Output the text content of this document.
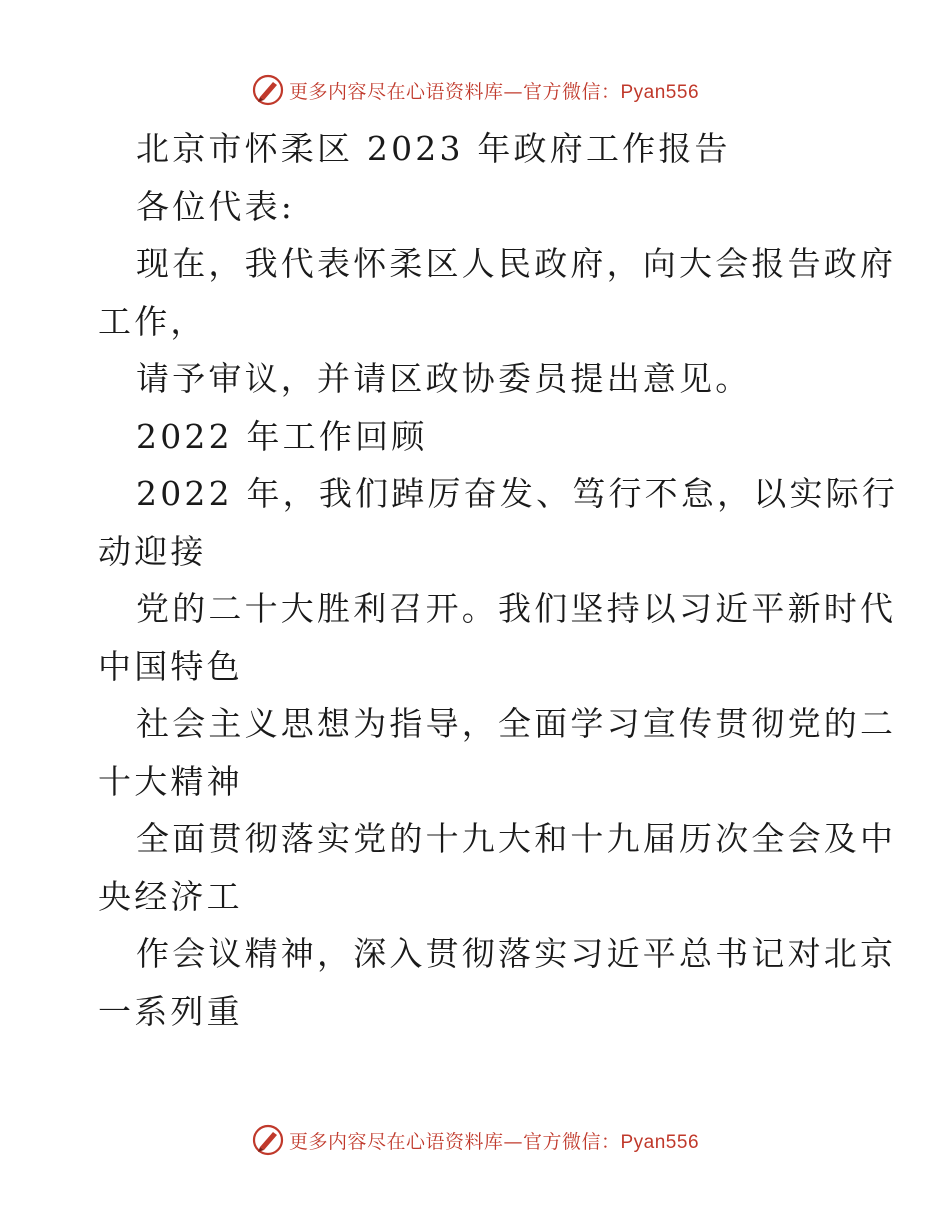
更多内容尽在心语资料库—官方微信：Pyan556
北京市怀柔区 2023 年政府工作报告
各位代表:
现在，我代表怀柔区人民政府，向大会报告政府
工作，
请予审议，并请区政协委员提出意见。
2022 年工作回顾
2022 年，我们踔厉奋发、笃行不怠，以实际行
动迎接
党的二十大胜利召开。我们坚持以习近平新时代
中国特色
社会主义思想为指导，全面学习宣传贯彻党的二
十大精神
全面贯彻落实党的十九大和十九届历次全会及中
央经济工
作会议精神，深入贯彻落实习近平总书记对北京
一系列重
更多内容尽在心语资料库—官方微信：Pyan556
